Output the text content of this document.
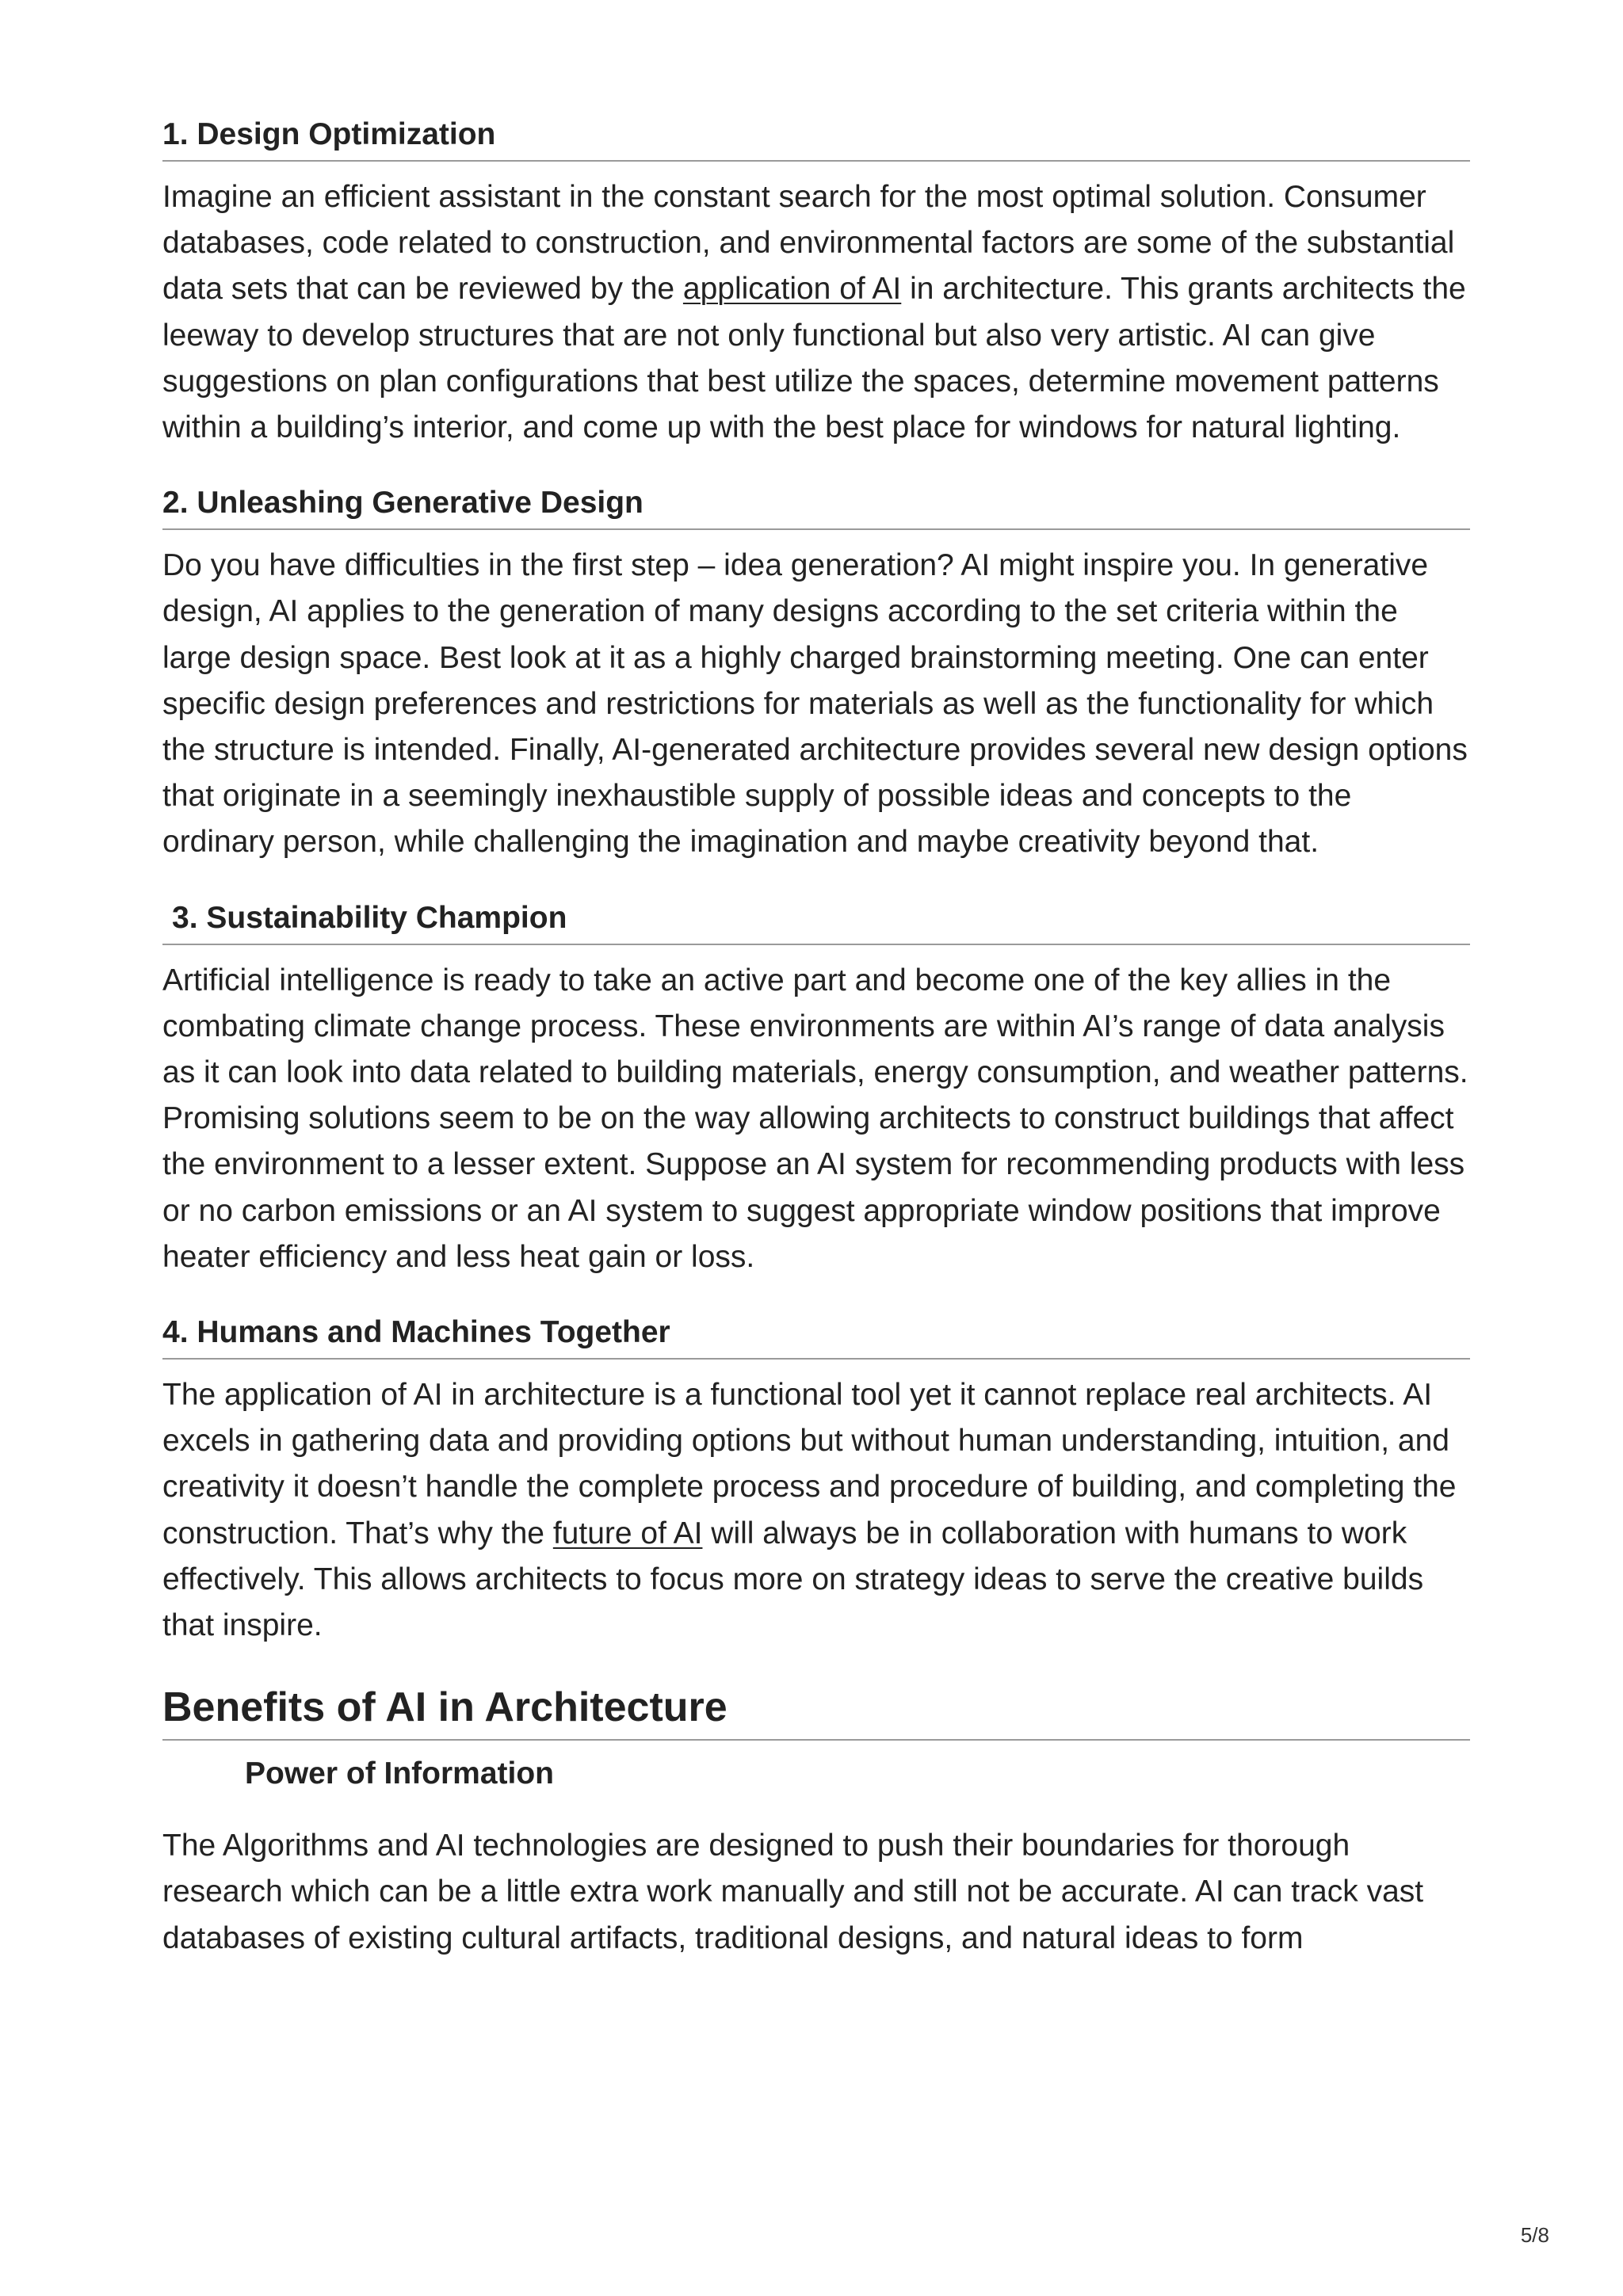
1. Design Optimization

Imagine an efficient assistant in the constant search for the most optimal solution. Consumer databases, code related to construction, and environmental factors are some of the substantial data sets that can be reviewed by the application of AI in architecture. This grants architects the leeway to develop structures that are not only functional but also very artistic. AI can give suggestions on plan configurations that best utilize the spaces, determine movement patterns within a building’s interior, and come up with the best place for windows for natural lighting.

2. Unleashing Generative Design

Do you have difficulties in the first step – idea generation? AI might inspire you. In generative design, AI applies to the generation of many designs according to the set criteria within the large design space. Best look at it as a highly charged brainstorming meeting. One can enter specific design preferences and restrictions for materials as well as the functionality for which the structure is intended. Finally, AI-generated architecture provides several new design options that originate in a seemingly inexhaustible supply of possible ideas and concepts to the ordinary person, while challenging the imagination and maybe creativity beyond that.

3. Sustainability Champion

Artificial intelligence is ready to take an active part and become one of the key allies in the combating climate change process. These environments are within AI’s range of data analysis as it can look into data related to building materials, energy consumption, and weather patterns. Promising solutions seem to be on the way allowing architects to construct buildings that affect the environment to a lesser extent. Suppose an AI system for recommending products with less or no carbon emissions or an AI system to suggest appropriate window positions that improve heater efficiency and less heat gain or loss.

4. Humans and Machines Together

The application of AI in architecture is a functional tool yet it cannot replace real architects. AI excels in gathering data and providing options but without human understanding, intuition, and creativity it doesn’t handle the complete process and procedure of building, and completing the construction. That’s why the future of AI will always be in collaboration with humans to work effectively. This allows architects to focus more on strategy ideas to serve the creative builds that inspire.

Benefits of AI in Architecture
Power of Information

The Algorithms and AI technologies are designed to push their boundaries for thorough research which can be a little extra work manually and still not be accurate. AI can track vast databases of existing cultural artifacts, traditional designs, and natural ideas to form

5/8
